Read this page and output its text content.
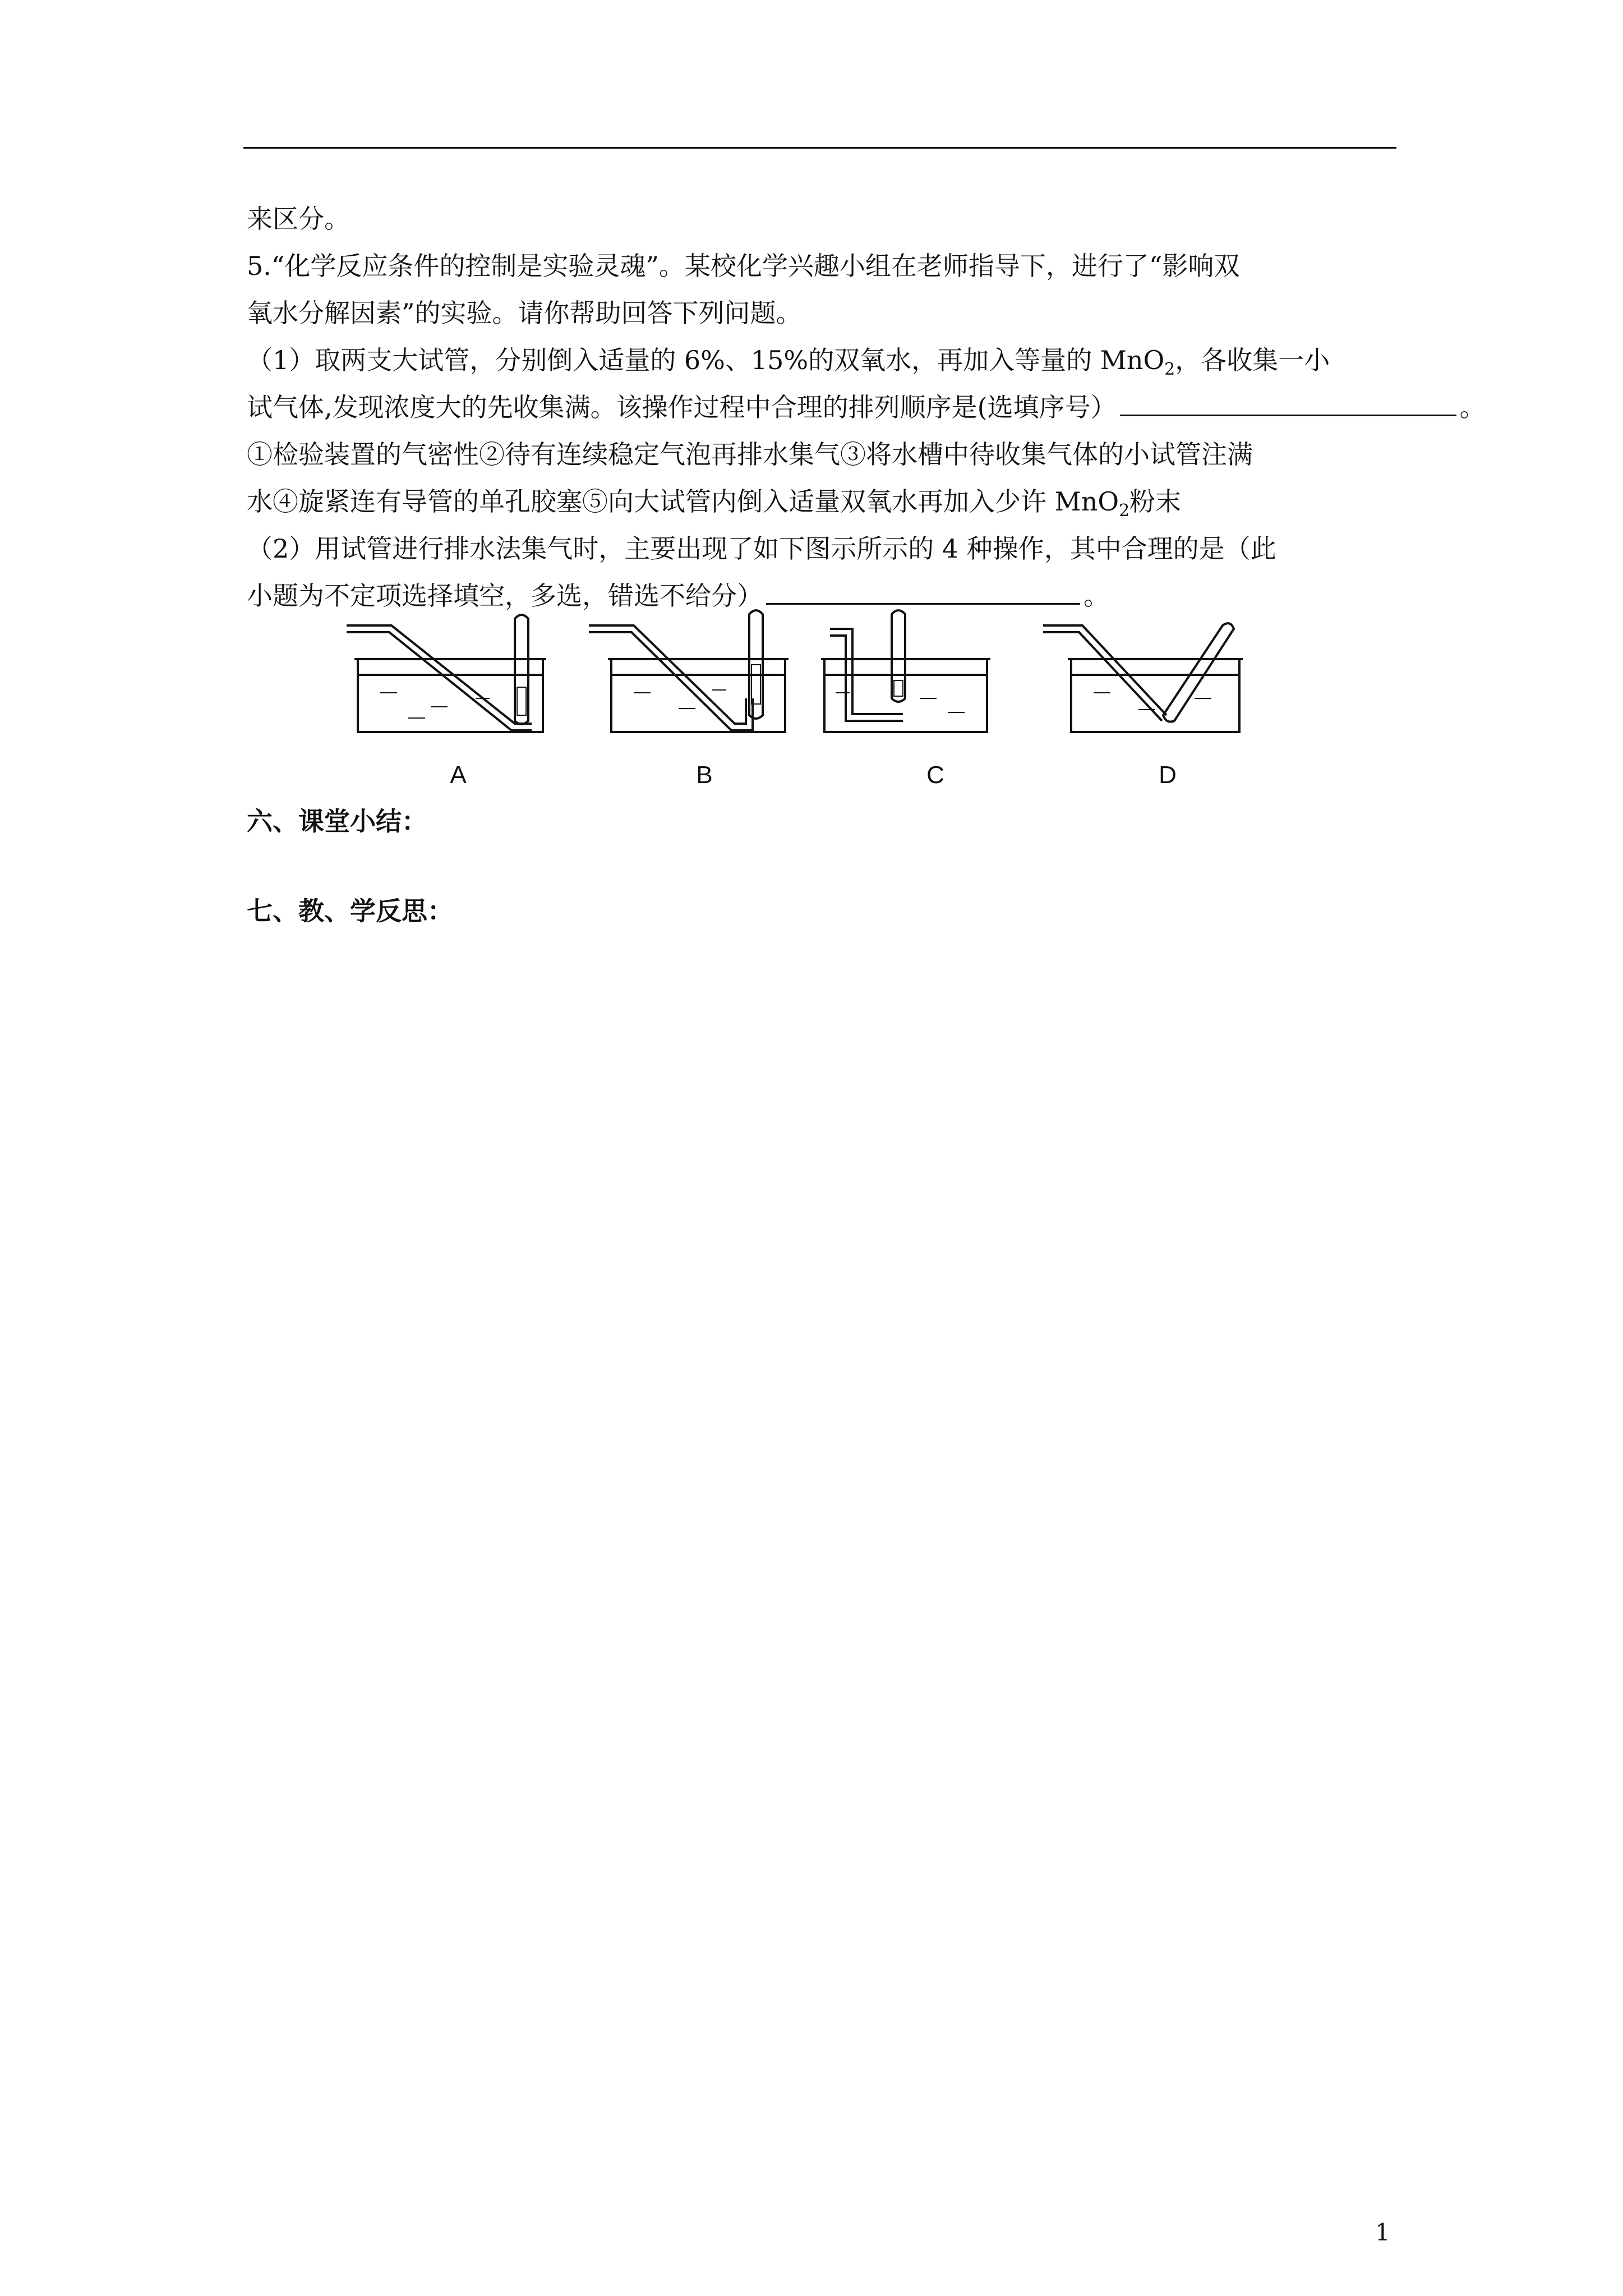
来区分。
5.“化学反应条件的控制是实验灵魂”。某校化学兴趣小组在老师指导下，进行了“影响双
氧水分解因素”的实验。请你帮助回答下列问题。
（1）取两支大试管，分别倒入适量的 6%、15%的双氧水，再加入等量的 MnO$_2$，各收集一小
试气体,发现浓度大的先收集满。该操作过程中合理的排列顺序是(选填序号）	。
①检验装置的气密性②待有连续稳定气泡再排水集气③将水槽中待收集气体的小试管注满
水④旋紧连有导管的单孔胶塞⑤向大试管内倒入适量双氧水再加入少许 MnO$_2$粉末
（2）用试管进行排水法集气时，主要出现了如下图示所示的 4 种操作，其中合理的是（此
小题为不定项选择填空，多选，错选不给分）	。
A	B	C	D
六、课堂小结：
七、教、学反思：
1
